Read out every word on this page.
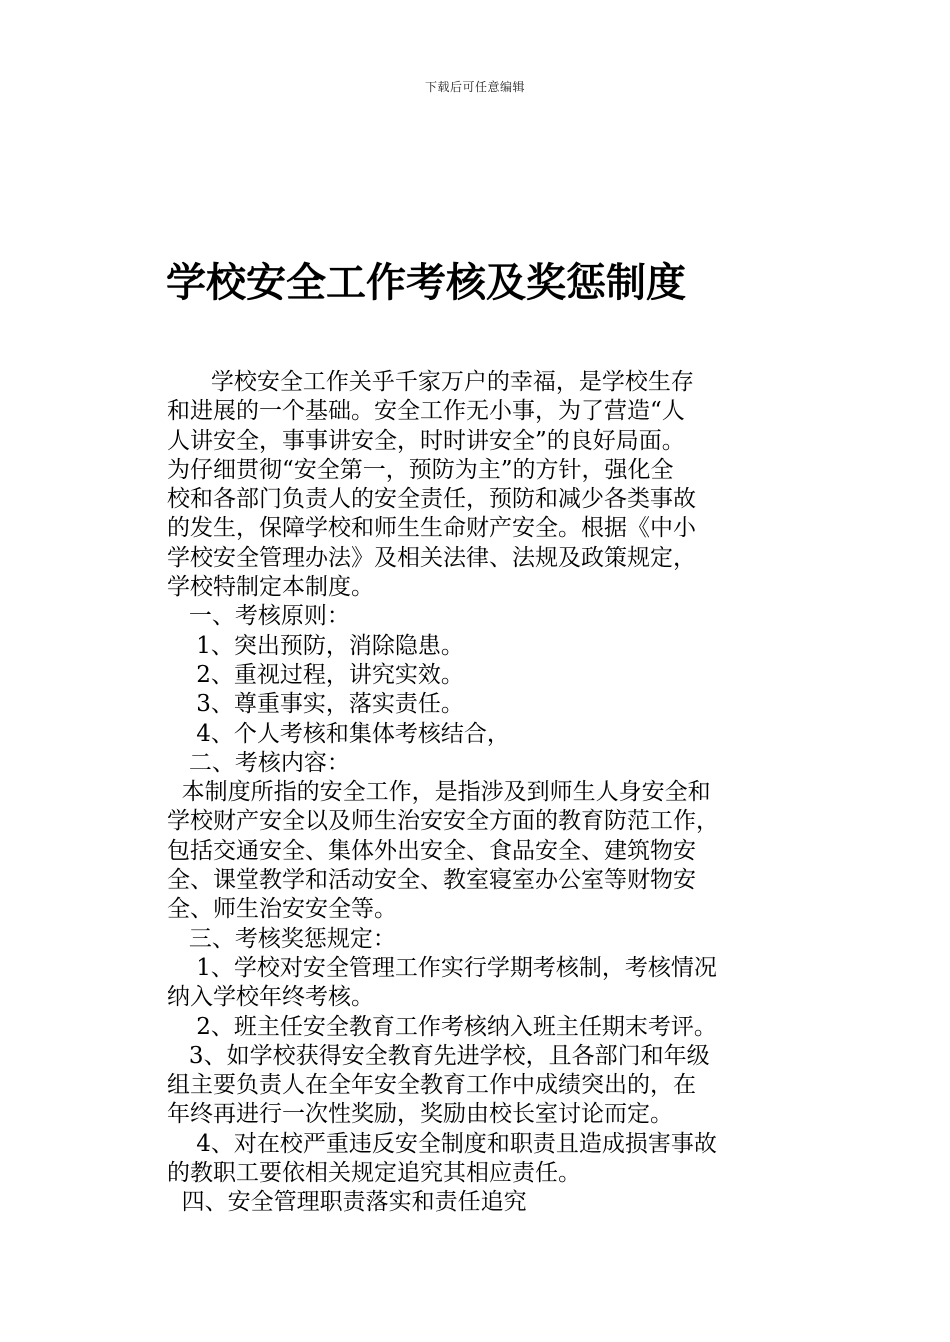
下载后可任意编辑
学校安全工作考核及奖惩制度
学校安全工作关乎千家万户的幸福，是学校生存
和进展的一个基础。安全工作无小事，为了营造“人
人讲安全，事事讲安全，时时讲安全”的良好局面。
为仔细贯彻“安全第一，预防为主”的方针，强化全
校和各部门负责人的安全责任，预防和减少各类事故
的发生，保障学校和师生生命财产安全。根据《中小
学校安全管理办法》及相关法律、法规及政策规定，
学校特制定本制度。
一、考核原则：
1、突出预防，消除隐患。
2、重视过程，讲究实效。
3、尊重事实，落实责任。
4、个人考核和集体考核结合，
二、考核内容：
本制度所指的安全工作，是指涉及到师生人身安全和
学校财产安全以及师生治安安全方面的教育防范工作，
包括交通安全、集体外出安全、食品安全、建筑物安
全、课堂教学和活动安全、教室寝室办公室等财物安
全、师生治安安全等。
三、考核奖惩规定：
1、学校对安全管理工作实行学期考核制，考核情况
纳入学校年终考核。
2、班主任安全教育工作考核纳入班主任期末考评。
3、如学校获得安全教育先进学校，且各部门和年级
组主要负责人在全年安全教育工作中成绩突出的，在
年终再进行一次性奖励，奖励由校长室讨论而定。
4、对在校严重违反安全制度和职责且造成损害事故
的教职工要依相关规定追究其相应责任。
四、安全管理职责落实和责任追究
